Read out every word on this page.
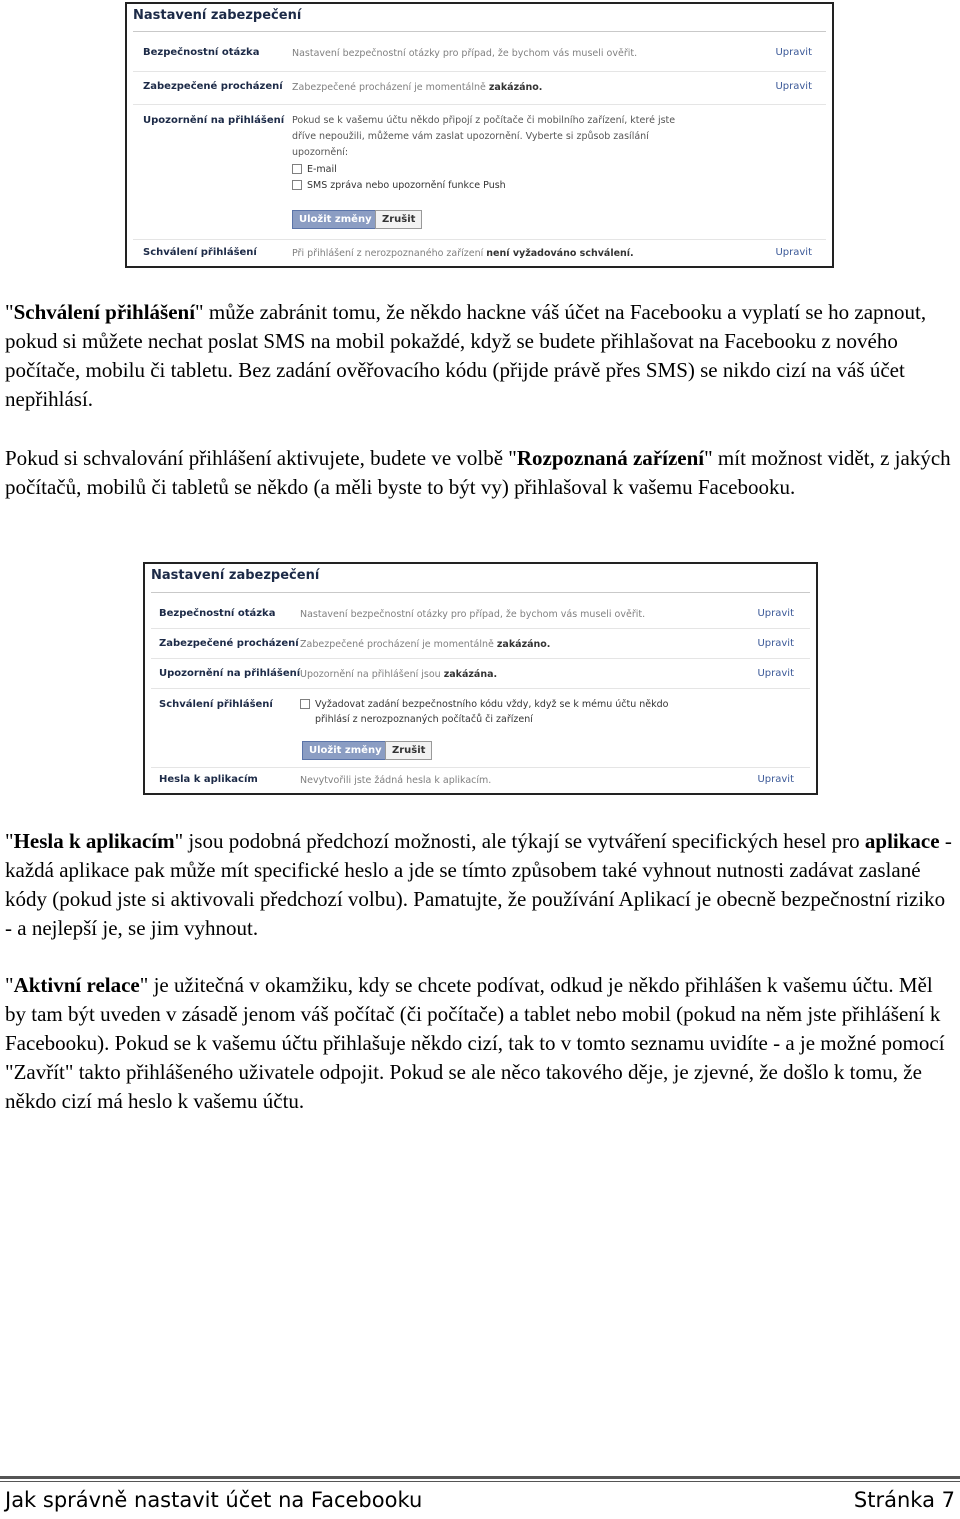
Nastavení zabezpečení
Bezpečnostní otázka	Nastavení bezpečnostní otázky pro případ, že bychom vás museli ověřit.	Upravit
Zabezpečené procházení Zabezpečené procházení je momentálně zakázáno.	Upravit
Upozornění na přihlášení Pokud se k vašemu účtu někdo připojí z počítače či mobilního zařízení, které jste
dříve nepoužili, můžeme vám zaslat upozornění. Vyberte si způsob zasílání
upozornění:
E-mail
SMS zpráva nebo upozornění funkce Push
Uložit změny	Zrušit
Schválení přihlášení	Při přihlášení z nerozpoznaného zařízení není vyžadováno schválení.	Upravit

"Schválení přihlášení" může zabránit tomu, že někdo hackne váš účet na Facebooku a vyplatí se ho zapnout, pokud si můžete nechat poslat SMS na mobil pokaždé, když se budete přihlašovat na Facebooku z nového počítače, mobilu či tabletu. Bez zadání ověřovacího kódu (přijde právě přes SMS) se nikdo cizí na váš účet nepřihlásí.

Pokud si schvalování přihlášení aktivujete, budete ve volbě "Rozpoznaná zařízení" mít možnost vidět, z jakých počítačů, mobilů či tabletů se někdo (a měli byste to být vy) přihlašoval k vašemu Facebooku.

Nastavení zabezpečení
Bezpečnostní otázka	Nastavení bezpečnostní otázky pro případ, že bychom vás museli ověřit.	Upravit
Zabezpečené procházení Zabezpečené procházení je momentálně zakázáno.	Upravit
Upozornění na přihlášení Upozornění na přihlášení jsou zakázána.	Upravit
Schválení přihlášení	Vyžadovat zadání bezpečnostního kódu vždy, když se k mému účtu někdo
přihlásí z nerozpoznaných počítačů či zařízení
Uložit změny	Zrušit
Hesla k aplikacím	Nevytvořili jste žádná hesla k aplikacím.	Upravit

"Hesla k aplikacím" jsou podobná předchozí možnosti, ale týkají se vytváření specifických hesel pro aplikace - každá aplikace pak může mít specifické heslo a jde se tímto způsobem také vyhnout nutnosti zadávat zaslané kódy (pokud jste si aktivovali předchozí volbu). Pamatujte, že používání Aplikací je obecně bezpečnostní riziko - a nejlepší je, se jim vyhnout.

"Aktivní relace" je užitečná v okamžiku, kdy se chcete podívat, odkud je někdo přihlášen k vašemu účtu. Měl by tam být uveden v zásadě jenom váš počítač (či počítače) a tablet nebo mobil (pokud na něm jste přihlášení k Facebooku). Pokud se k vašemu účtu přihlašuje někdo cizí, tak to v tomto seznamu uvidíte - a je možné pomocí "Zavřít" takto přihlášeného uživatele odpojit. Pokud se ale něco takového děje, je zjevné, že došlo k tomu, že někdo cizí má heslo k vašemu účtu.

Jak správně nastavit účet na Facebooku	Stránka 7
